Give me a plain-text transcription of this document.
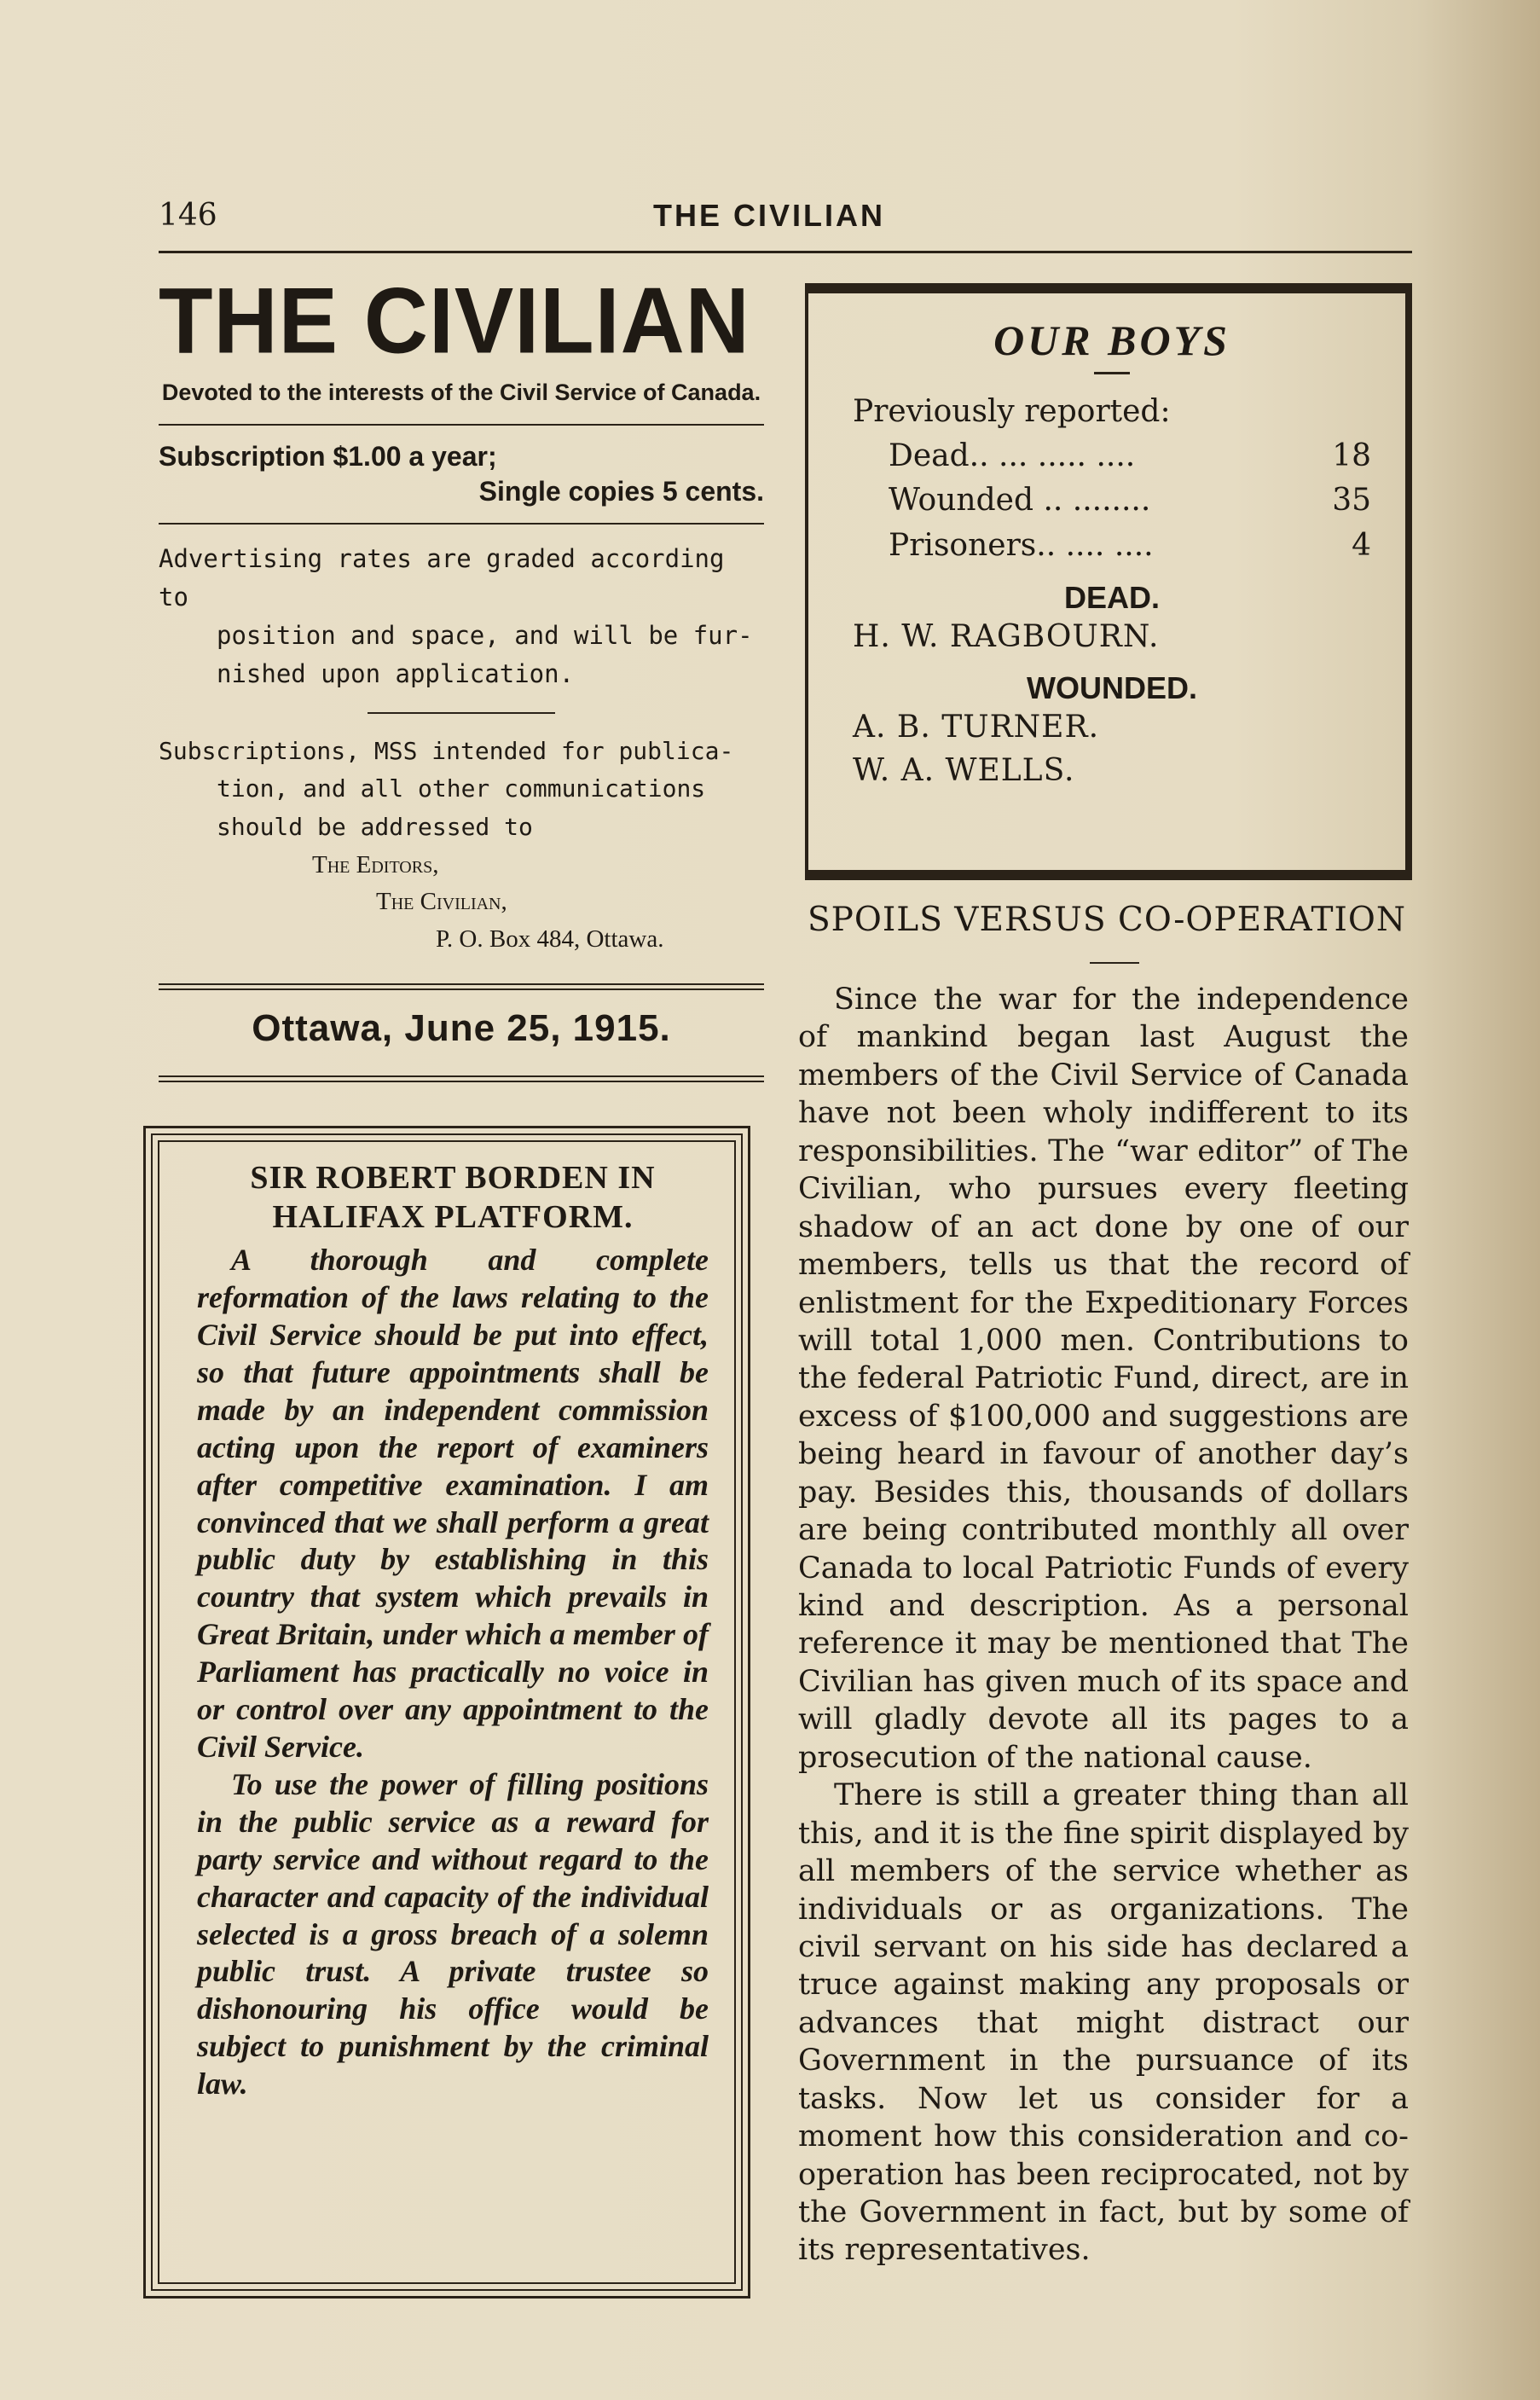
146	THE CIVILIAN
THE CIVILIAN
Devoted to the interests of the Civil Service of Canada.
Subscription $1.00 a year;
Single copies 5 cents.
Advertising rates are graded according to
position and space, and will be fur-
nished upon application.
Subscriptions, MSS intended for publica-
tion, and all other communications
should be addressed to
The Editors,
The Civilian,
P. O. Box 484, Ottawa.
Ottawa, June 25, 1915.
SIR ROBERT BORDEN IN HALIFAX PLATFORM.

A thorough and complete reformation of the laws relating to the Civil Service should be put into effect, so that future appointments shall be made by an independent commission acting upon the report of examiners after competitive examination. I am convinced that we shall perform a great public duty by establishing in this country that system which prevails in Great Britain, under which a member of Parliament has practically no voice in or control over any appointment to the Civil Service.

To use the power of filling positions in the public service as a reward for party service and without regard to the character and capacity of the individual selected is a gross breach of a solemn public trust. A private trustee so dishonouring his office would be subject to punishment by the criminal law.

OUR BOYS
Previously reported:
Dead.. ... ..... ....	18
Wounded .. ........	35
Prisoners.. .... ....	4
DEAD.
H. W. RAGBOURN.
WOUNDED.
A. B. TURNER.
W. A. WELLS.
SPOILS VERSUS CO-OPERATION

Since the war for the independence of mankind began last August the members of the Civil Service of Canada have not been wholy indifferent to its responsibilities. The “war editor” of The Civilian, who pursues every fleeting shadow of an act done by one of our members, tells us that the record of enlistment for the Expeditionary Forces will total 1,000 men. Contributions to the federal Patriotic Fund, direct, are in excess of $100,000 and suggestions are being heard in favour of another day’s pay. Besides this, thousands of dollars are being contributed monthly all over Canada to local Patriotic Funds of every kind and description. As a personal reference it may be mentioned that The Civilian has given much of its space and will gladly devote all its pages to a prosecution of the national cause.

There is still a greater thing than all this, and it is the fine spirit displayed by all members of the service whether as individuals or as organizations. The civil servant on his side has declared a truce against making any proposals or advances that might distract our Government in the pursuance of its tasks. Now let us consider for a moment how this consideration and co-operation has been reciprocated, not by the Government in fact, but by some of its representatives.
